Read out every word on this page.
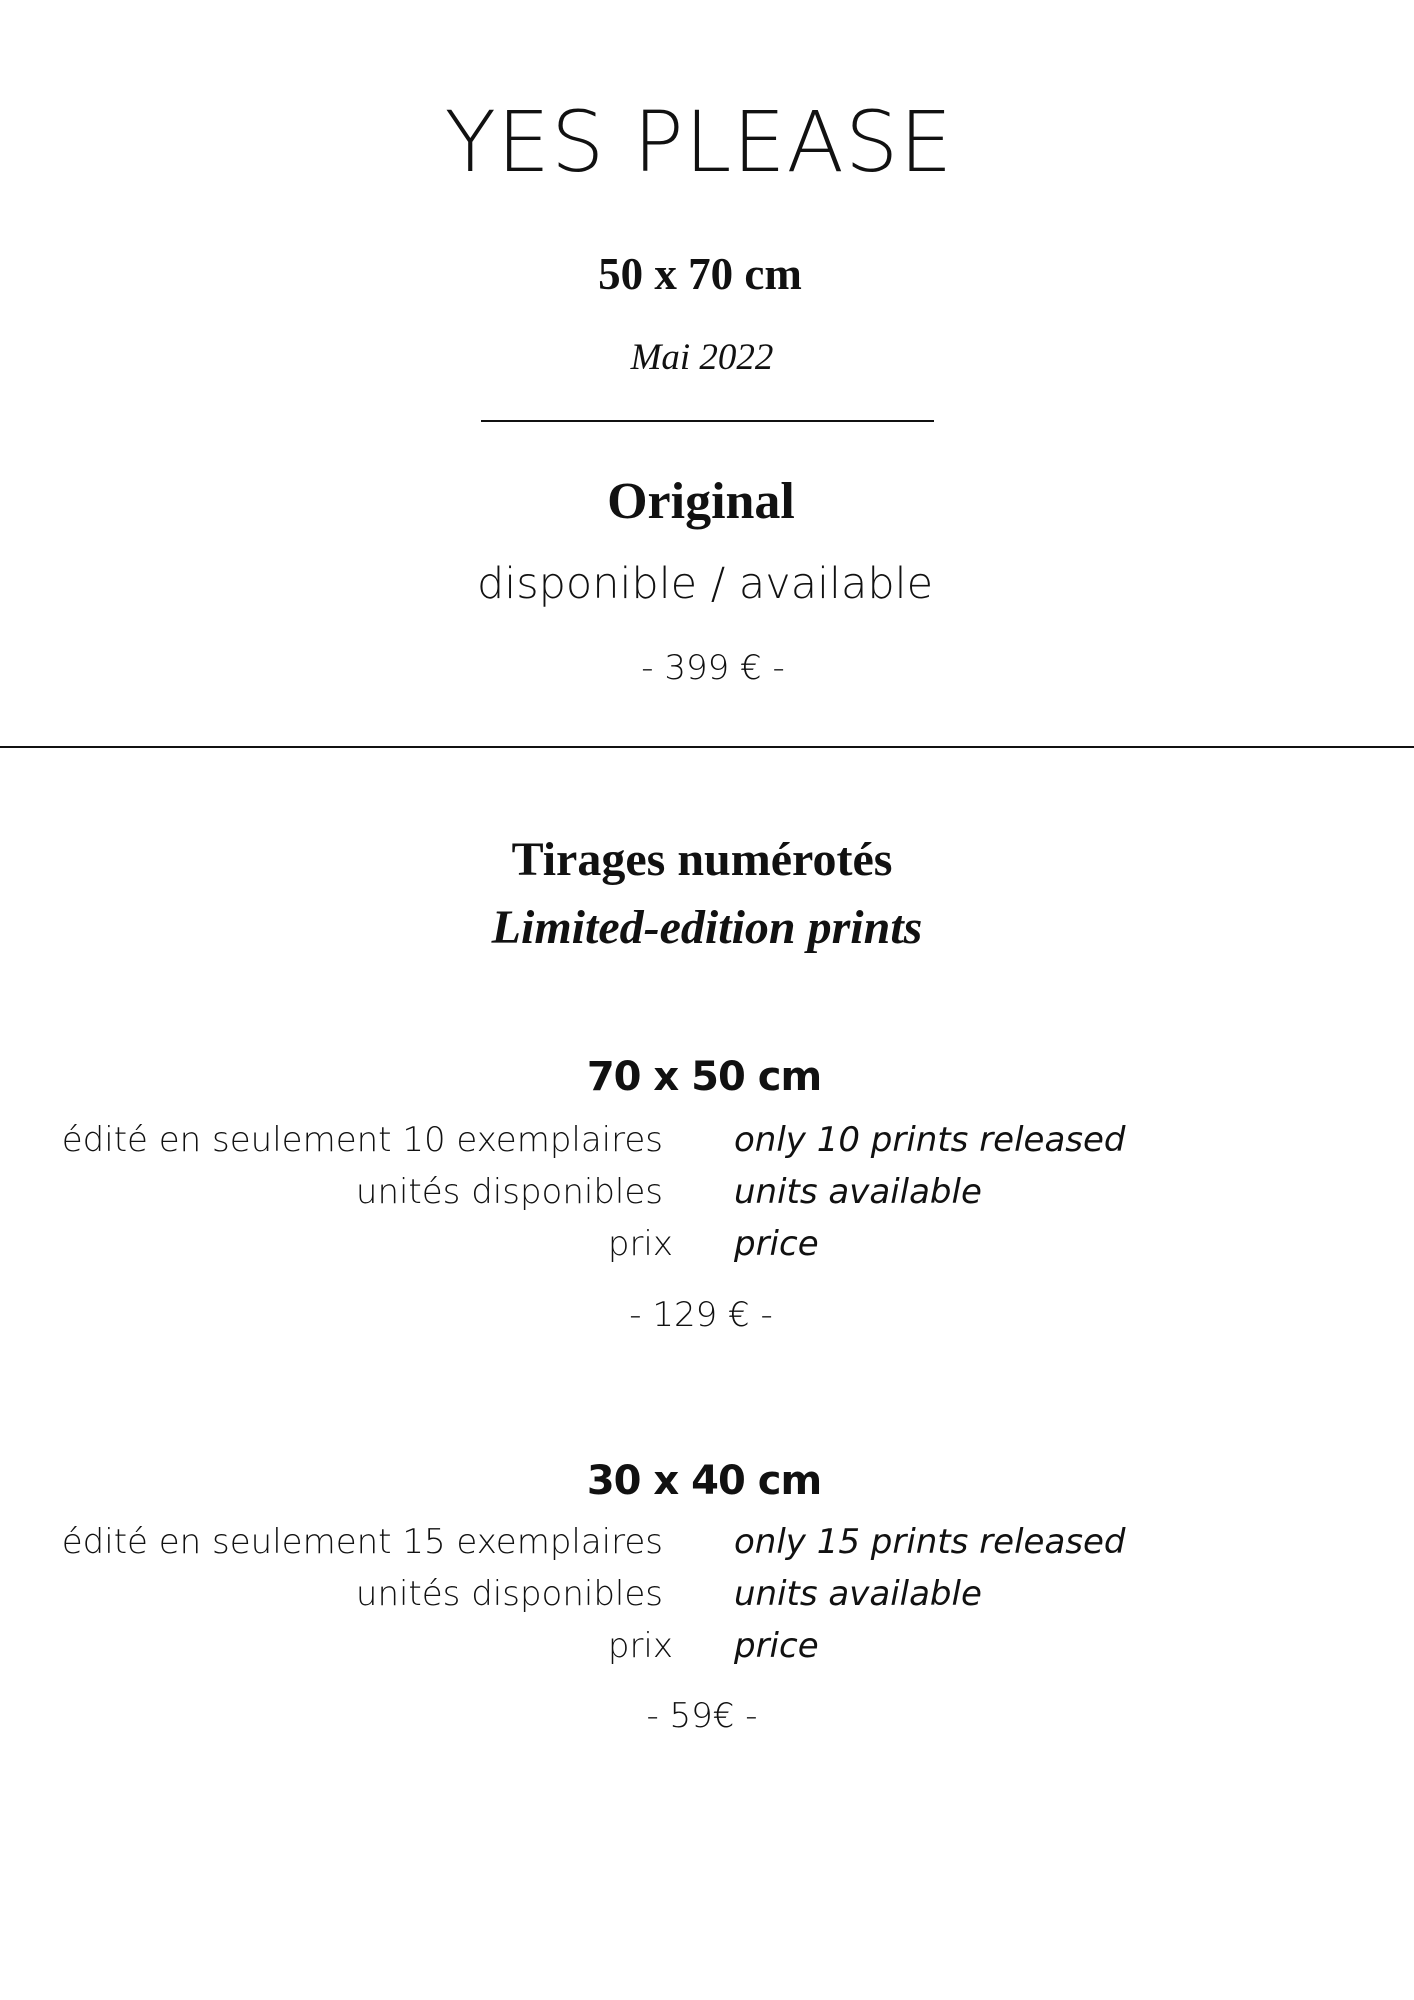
YES PLEASE
50 x 70 cm
Mai 2022
Original
disponible / available
- 399 € -
Tirages numérotés
Limited-edition prints
70 x 50 cm
édité en seulement 10 exemplaires only 10 prints released
unités disponibles units available
prix price
- 129 € -
30 x 40 cm
édité en seulement 15 exemplaires only 15 prints released
unités disponibles units available
prix price
- 59€ -
